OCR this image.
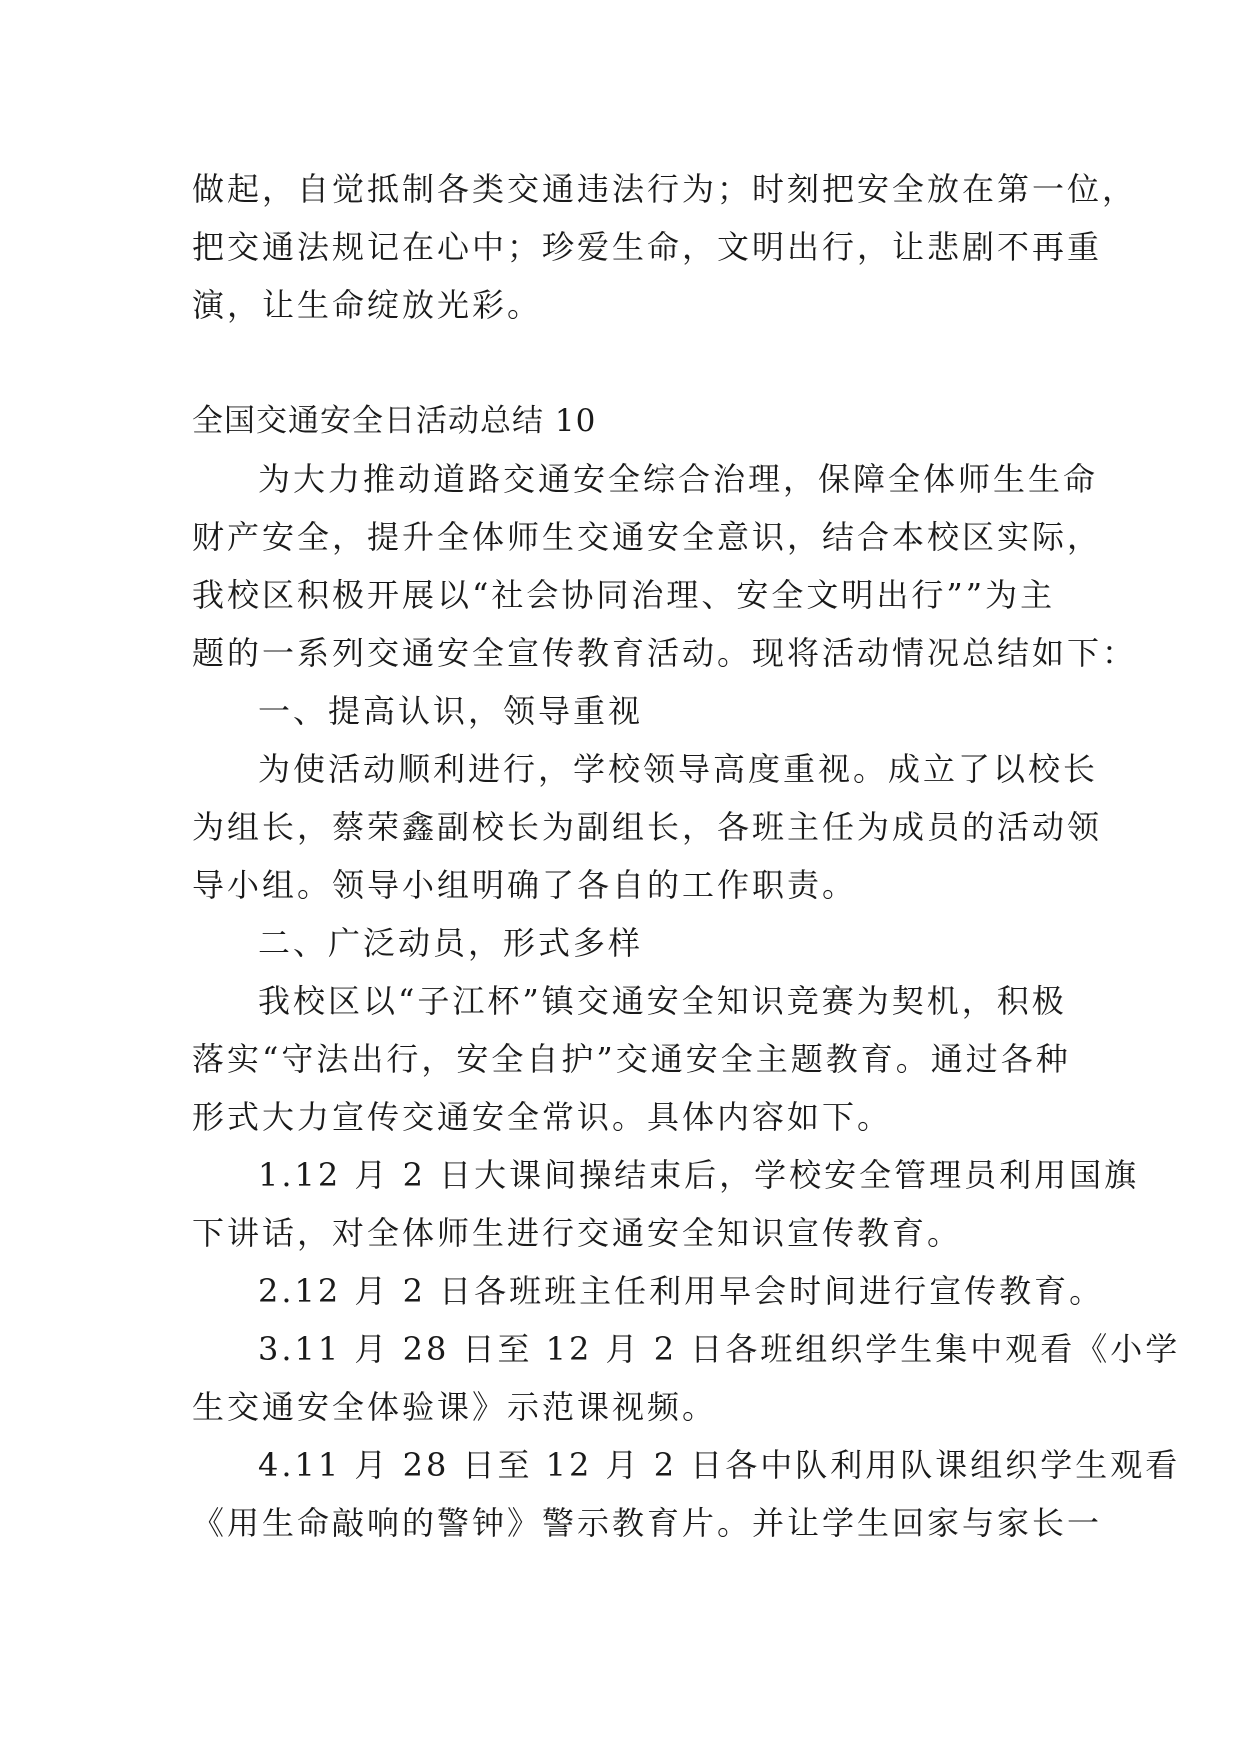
做起，自觉抵制各类交通违法行为；时刻把安全放在第一位，
把交通法规记在心中；珍爱生命，文明出行，让悲剧不再重
演，让生命绽放光彩。
全国交通安全日活动总结 10
为大力推动道路交通安全综合治理，保障全体师生生命
财产安全，提升全体师生交通安全意识，结合本校区实际，
我校区积极开展以“社会协同治理、安全文明出行””为主
题的一系列交通安全宣传教育活动。现将活动情况总结如下：
一、提高认识，领导重视
为使活动顺利进行，学校领导高度重视。成立了以校长
为组长，蔡荣鑫副校长为副组长，各班主任为成员的活动领
导小组。领导小组明确了各自的工作职责。
二、广泛动员，形式多样
我校区以“子江杯”镇交通安全知识竞赛为契机，积极
落实“守法出行，安全自护”交通安全主题教育。通过各种
形式大力宣传交通安全常识。具体内容如下。
1.12 月 2 日大课间操结束后，学校安全管理员利用国旗
下讲话，对全体师生进行交通安全知识宣传教育。
2.12 月 2 日各班班主任利用早会时间进行宣传教育。
3.11 月 28 日至 12 月 2 日各班组织学生集中观看《小学
生交通安全体验课》示范课视频。
4.11 月 28 日至 12 月 2 日各中队利用队课组织学生观看
《用生命敲响的警钟》警示教育片。并让学生回家与家长一
